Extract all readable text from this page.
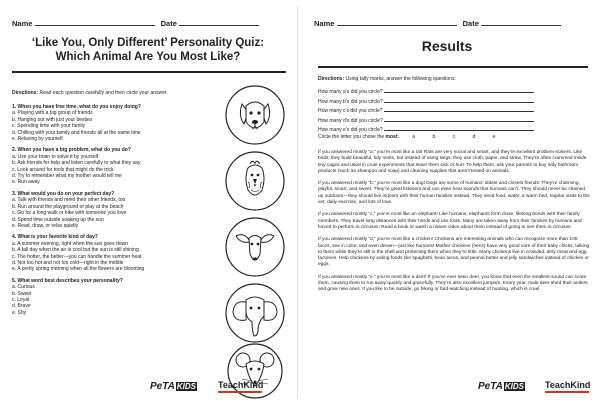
Name	Date
‘Like You, Only Different’ Personality Quiz:
Which Animal Are You Most Like?
Directions: Read each question carefully and then circle your answer.
1. When you have free time, what do you enjoy doing?
a. Playing with a big group of friends
b. Hanging out with just your besties
c. Spending time with your family
d. Chilling with your family and friends all at the same time
e. Relaxing by yourself
2. When you have a big problem, what do you do?
a. Use your brain to solve it by yourself
b. Ask friends for help and listen carefully to what they say
c. Look around for tools that might do the trick
d. Try to remember what my mother would tell me
e. Run away
3. What would you do on your perfect day?
a. Talk with friends and meet their other friends, too
b. Run around the playground or play at the beach
c. Go for a long walk or hike with someone you love
d. Spend time outside soaking up the sun
e. Read, draw, or relax quietly
4. What is your favorite kind of day?
a. A summer evening, right when the sun goes down
b. A fall day when the air is cool but the sun is still shining
c. The hotter, the better—you can handle the summer heat
d. Not too hot and not too cold—right in the middle
e. A pretty spring morning when all the flowers are blooming
5. What word best describes your personality?
a. Curious
b. Sweet
c. Loyal
d. Brave
e. Shy
PeTA KIDS TeachKind
Name	Date
Results
Directions: Using tally marks, answer the following questions:
How many a’s did you circle?
How many b’s did you circle?
How many c’s did you circle?
How many d’s did you circle?
How many e’s did you circle?
Circle the letter you chose the most: a	b	c	d	e

If you answered mostly “a,” you’re most like a rat! Rats are very social and smart, and they’re excellent problem-solvers. Like birds, they build beautiful, tidy nests, but instead of using twigs, they use cloth, paper, and straw. They’re often crammed inside tiny cages and used in cruel experiments that leave them sick or hurt. To help them, ask your parents to buy only bathroom products (such as shampoo and soap) and cleaning supplies that aren’t tested on animals.

If you answered mostly “b,” you’re most like a dog! Dogs are some of humans’ oldest and closest friends. They’re charming, playful, smart, and sweet. They’re great listeners and can even hear sounds that humans can’t. They should never be chained up outdoors—they should live indoors with their human families instead. They need food, water, a warm bed, regular visits to the vet, daily exercise, and lots of love.

If you answered mostly “c,” you’re most like an elephant! Like humans, elephants form close, lifelong bonds with their family members. They travel long distances with their herds and use tools. Many are taken away from their families by humans and forced to perform in circuses. Read a book or watch a nature video about them instead of going to see them in circuses.

If you answered mostly “d,” you’re most like a chicken! Chickens are interesting animals who can recognize more than 100 faces, see in color, and even dream—just like humans! Mother chickens (hens) have very good care of their baby chicks, talking to them while they’re still in the shell and protecting them when they’re little. Many chickens live in crowded, dirty meat and egg factories. Help chickens by eating foods like spaghetti, bean tacos, and peanut butter and jelly sandwiches instead of chicken or eggs.

If you answered mostly “e,” you’re most like a deer! If you’ve ever seen deer, you know that even the smallest sound can scare them, causing them to run away quickly and gracefully. They’re also excellent jumpers. Every year, male deer shed their antlers and grow new ones. If you like to be outside, go hiking or bird-watching instead of hunting, which is cruel.

PeTA KIDS TeachKind
